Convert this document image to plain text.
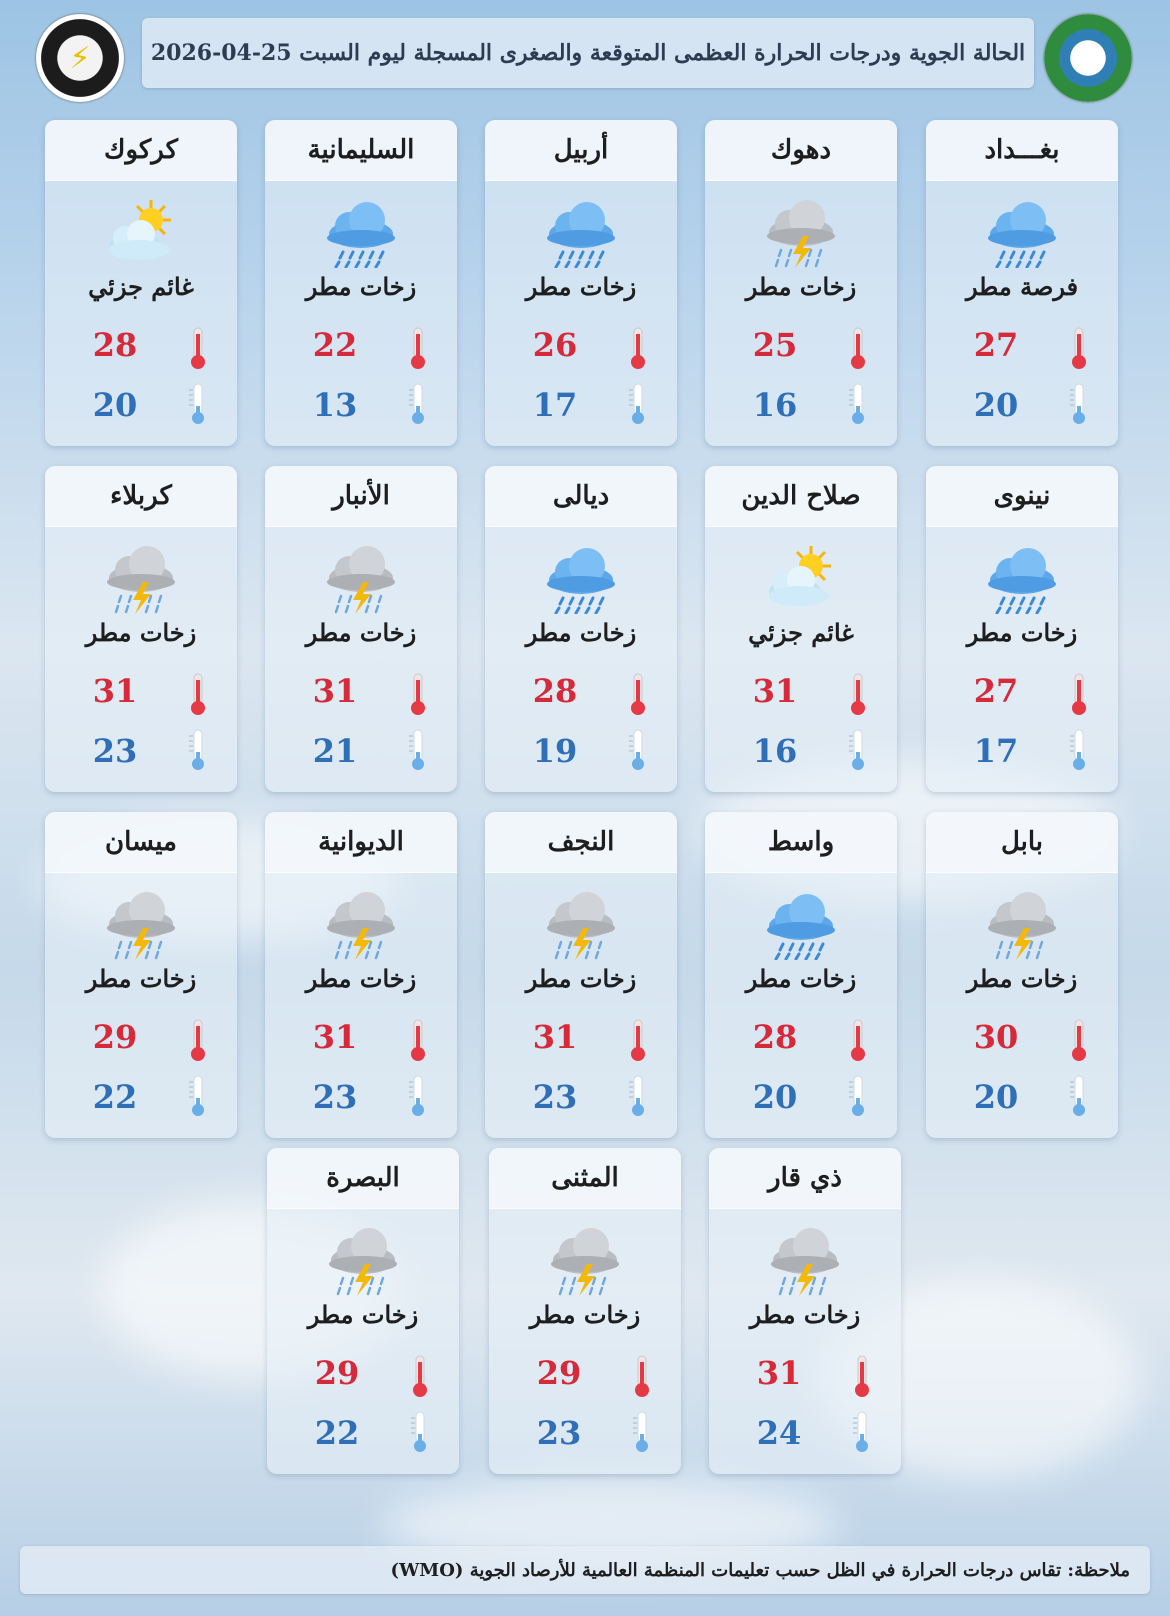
⚡	الحالة الجوية ودرجات الحرارة العظمى المتوقعة والصغرى المسجلة ليوم السبت 25-04-2026	☁
بغـــداد
فرصة مطر
27
20
دهوك
زخات مطر
25
16
أربيل
زخات مطر
26
17
السليمانية
زخات مطر
22
13
كركوك
غائم جزئي
28
20
نينوى
زخات مطر
27
17
صلاح الدين
غائم جزئي
31
16
ديالى
زخات مطر
28
19
الأنبار
زخات مطر
31
21
كربلاء
زخات مطر
31
23
بابل
زخات مطر
30
20
واسط
زخات مطر
28
20
النجف
زخات مطر
31
23
الديوانية
زخات مطر
31
23
ميسان
زخات مطر
29
22
ذي قار
زخات مطر
31
24
المثنى
زخات مطر
29
23
البصرة
زخات مطر
29
22
ملاحظة: تقاس درجات الحرارة في الظل حسب تعليمات المنظمة العالمية للأرصاد الجوية (WMO)
